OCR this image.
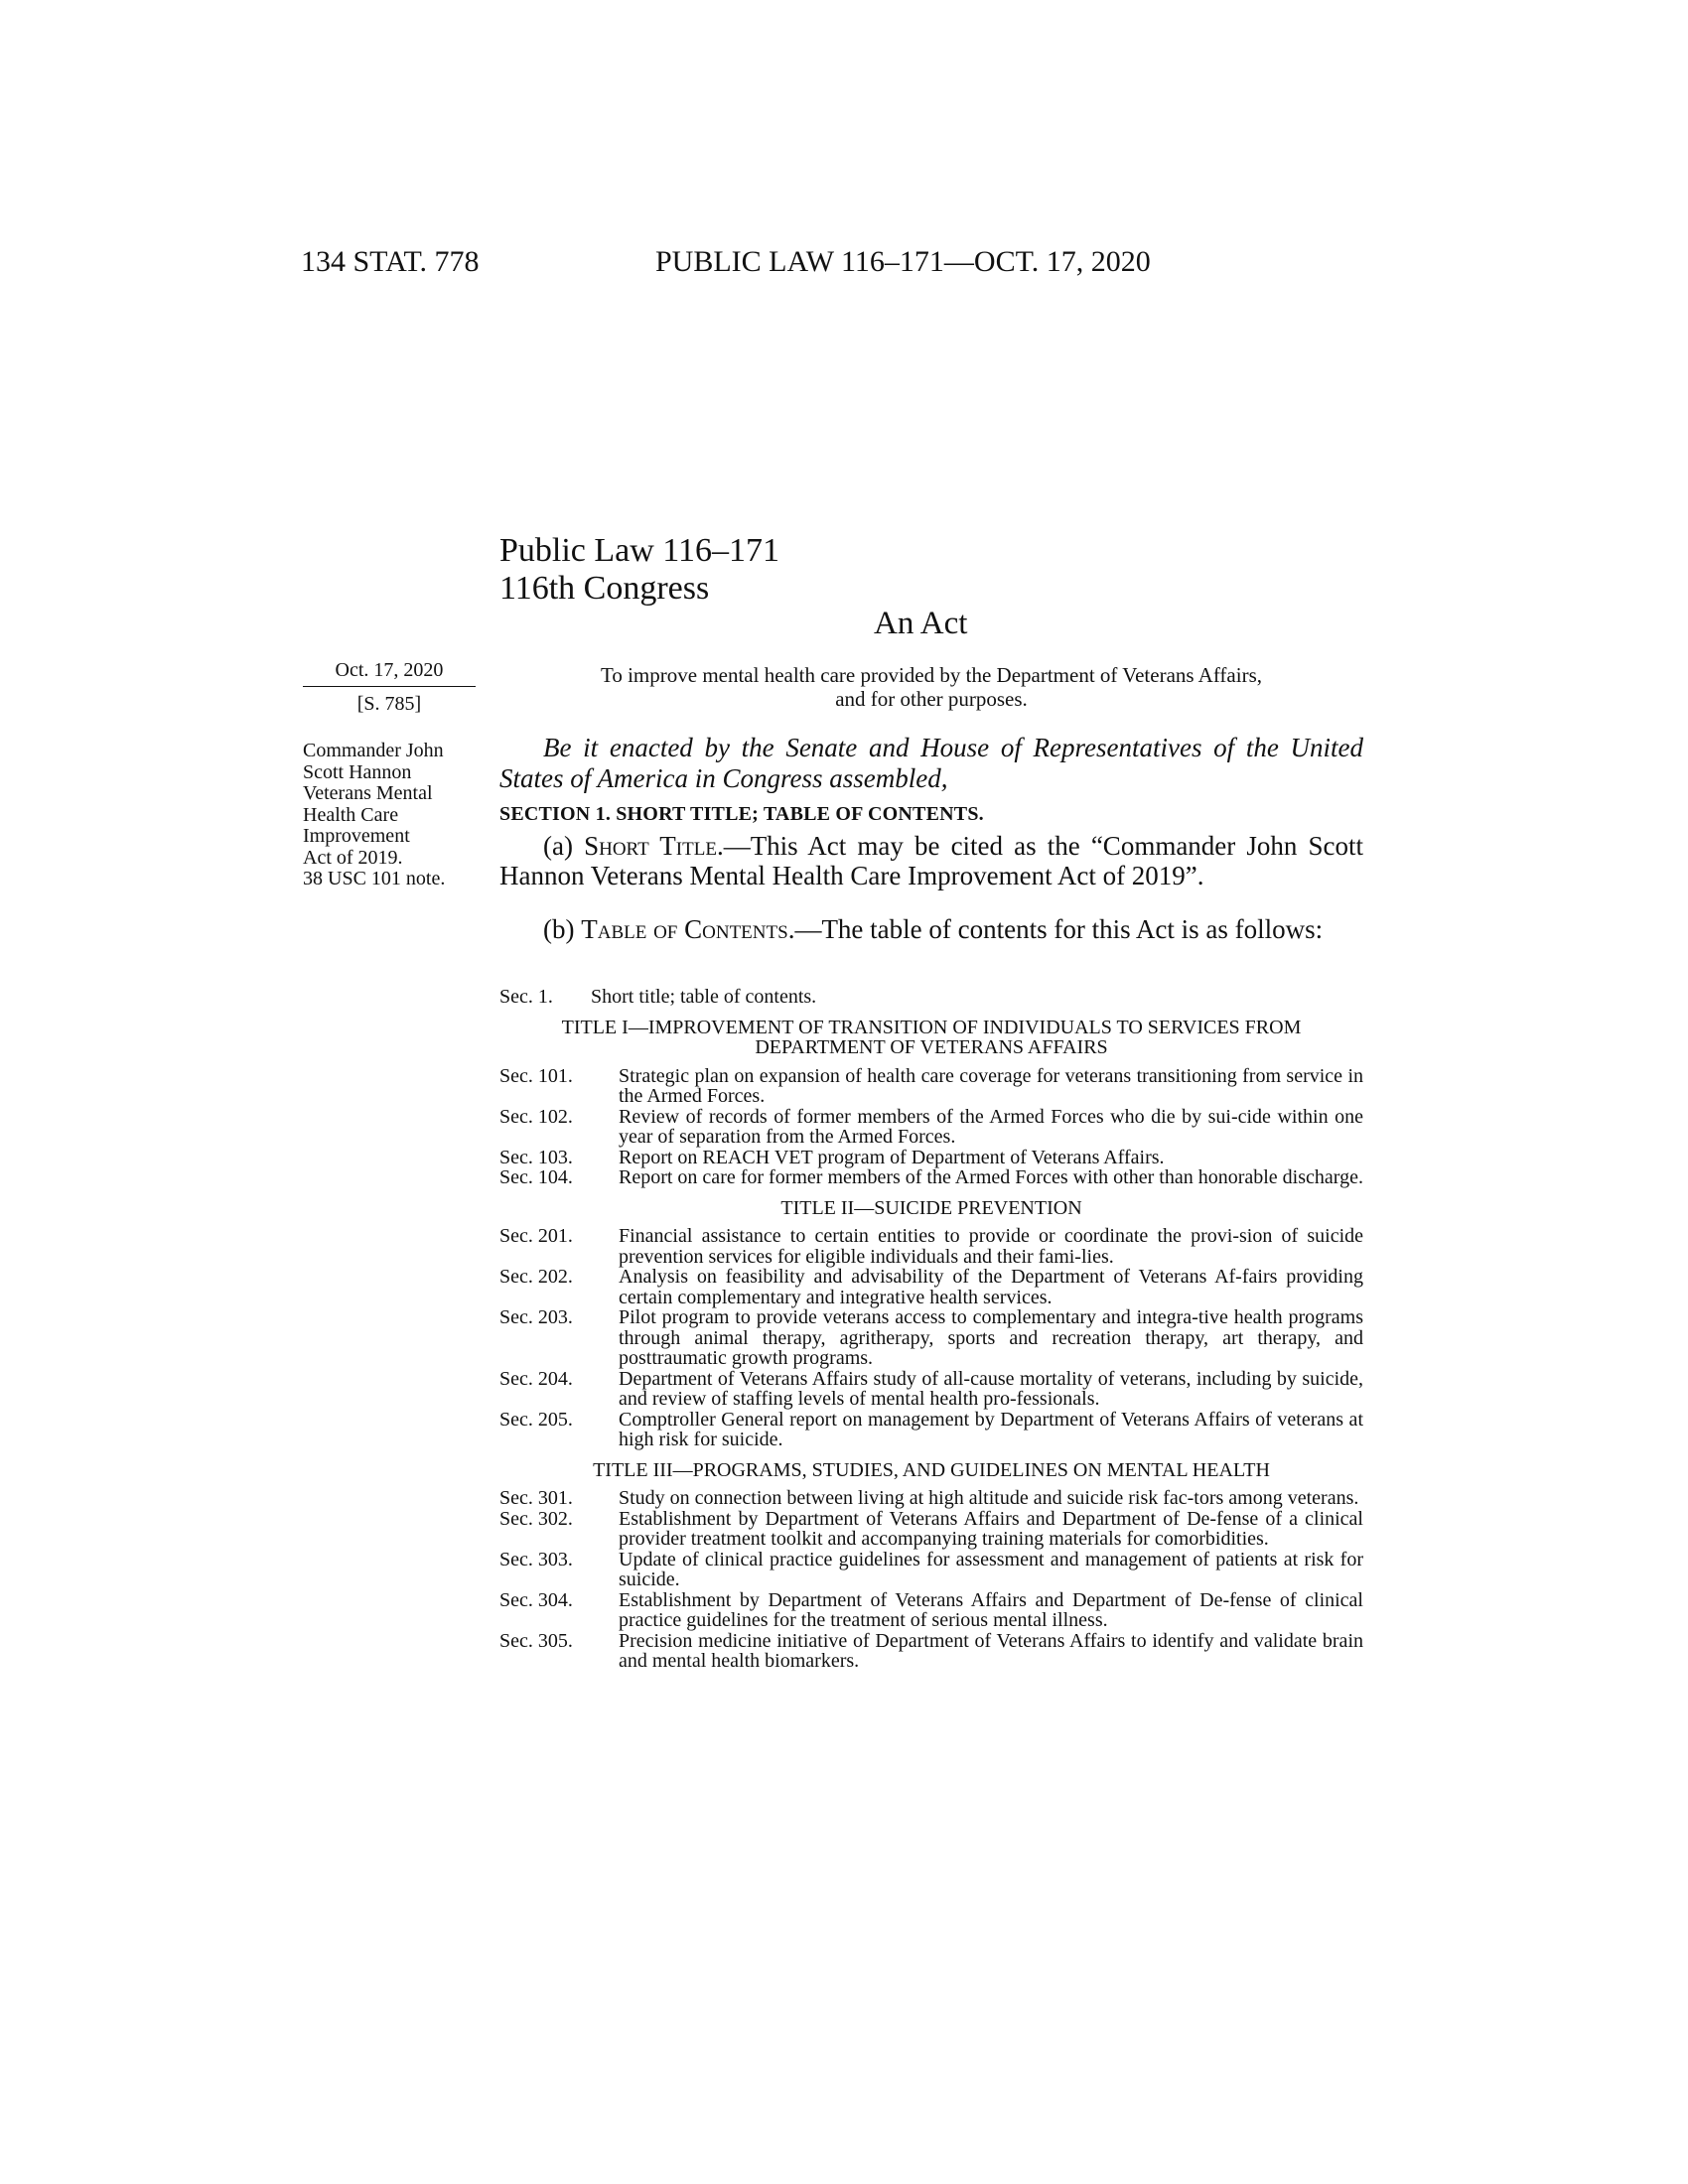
134 STAT. 778	PUBLIC LAW 116–171—OCT. 17, 2020
Public Law 116–171
116th Congress
An Act
Oct. 17, 2020
[S. 785]
To improve mental health care provided by the Department of Veterans Affairs,
and for other purposes.
Be it enacted by the Senate and House of Representatives of the United States of America in Congress assembled,
Commander John
Scott Hannon
Veterans Mental
Health Care
Improvement
Act of 2019.
38 USC 101 note.
SECTION 1. SHORT TITLE; TABLE OF CONTENTS.
(a) Short Title.—This Act may be cited as the “Commander John Scott Hannon Veterans Mental Health Care Improvement Act of 2019”.
(b) Table of Contents.—The table of contents for this Act is as follows:
Sec. 1.	Short title; table of contents.
TITLE I—IMPROVEMENT OF TRANSITION OF INDIVIDUALS TO SERVICES FROM DEPARTMENT OF VETERANS AFFAIRS
Sec. 101.	Strategic plan on expansion of health care coverage for veterans transitioning from service in the Armed Forces.
Sec. 102.	Review of records of former members of the Armed Forces who die by sui-cide within one year of separation from the Armed Forces.
Sec. 103.	Report on REACH VET program of Department of Veterans Affairs.
Sec. 104.	Report on care for former members of the Armed Forces with other than honorable discharge.
TITLE II—SUICIDE PREVENTION
Sec. 201.	Financial assistance to certain entities to provide or coordinate the provi-sion of suicide prevention services for eligible individuals and their fami-lies.
Sec. 202.	Analysis on feasibility and advisability of the Department of Veterans Af-fairs providing certain complementary and integrative health services.
Sec. 203.	Pilot program to provide veterans access to complementary and integra-tive health programs through animal therapy, agritherapy, sports and recreation therapy, art therapy, and posttraumatic growth programs.
Sec. 204.	Department of Veterans Affairs study of all-cause mortality of veterans, including by suicide, and review of staffing levels of mental health pro-fessionals.
Sec. 205.	Comptroller General report on management by Department of Veterans Affairs of veterans at high risk for suicide.
TITLE III—PROGRAMS, STUDIES, AND GUIDELINES ON MENTAL HEALTH
Sec. 301.	Study on connection between living at high altitude and suicide risk fac-tors among veterans.
Sec. 302.	Establishment by Department of Veterans Affairs and Department of De-fense of a clinical provider treatment toolkit and accompanying training materials for comorbidities.
Sec. 303.	Update of clinical practice guidelines for assessment and management of patients at risk for suicide.
Sec. 304.	Establishment by Department of Veterans Affairs and Department of De-fense of clinical practice guidelines for the treatment of serious mental illness.
Sec. 305.	Precision medicine initiative of Department of Veterans Affairs to identify and validate brain and mental health biomarkers.
